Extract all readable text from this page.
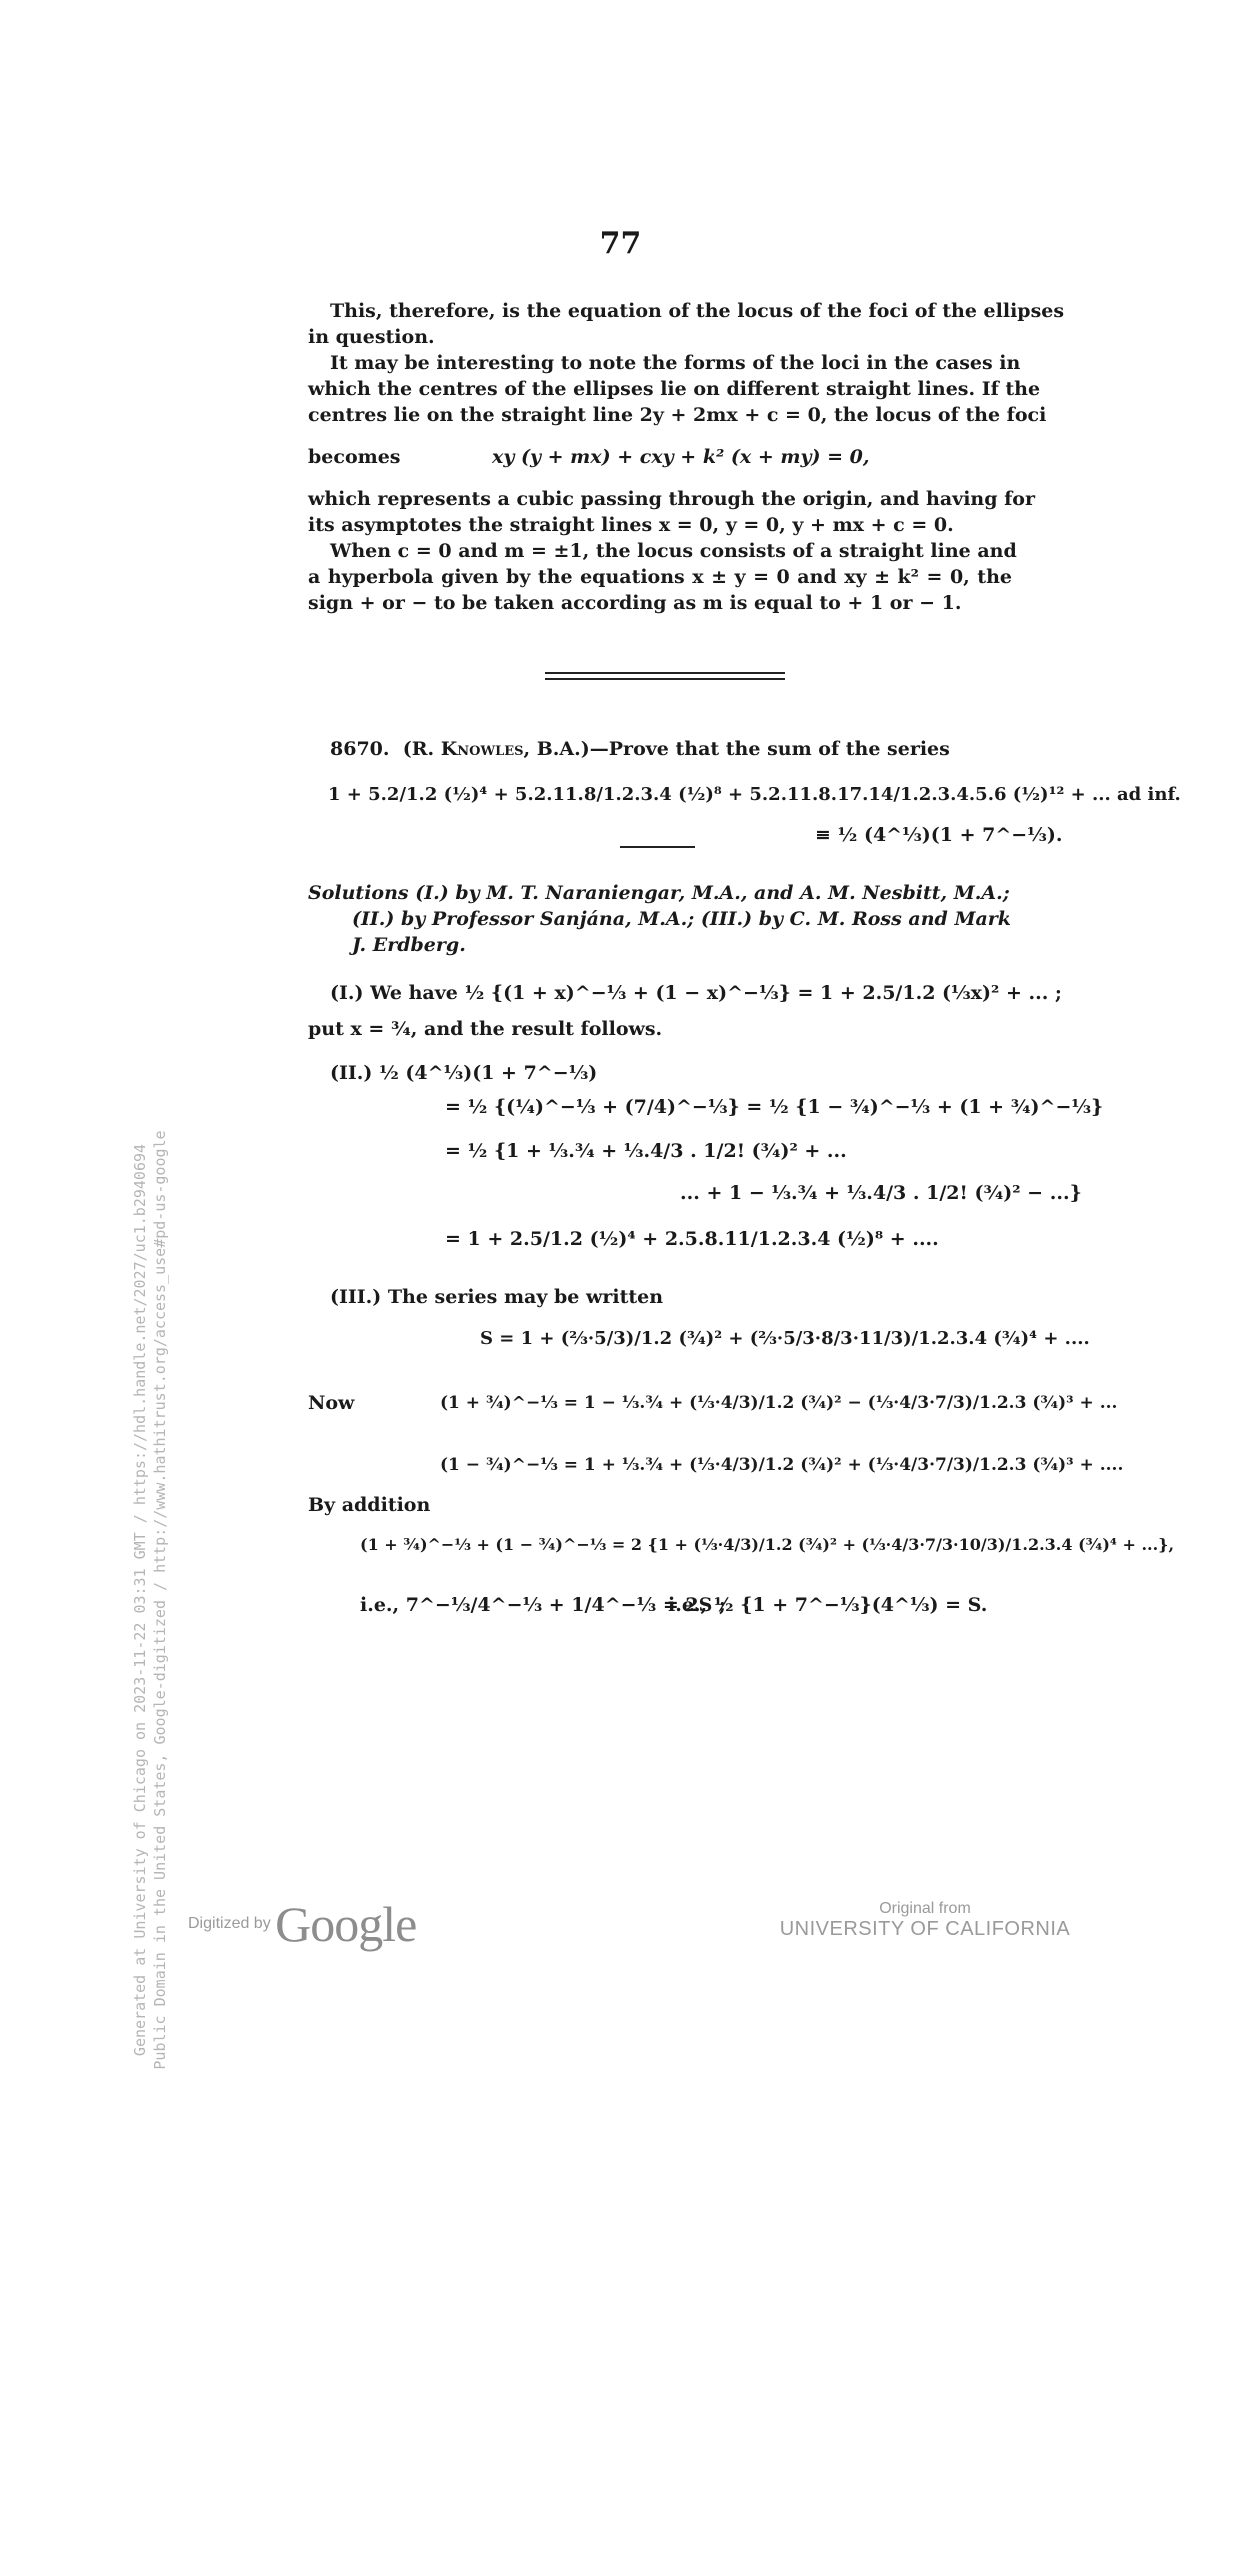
77
This, therefore, is the equation of the locus of the foci of the ellipses
in question.
It may be interesting to note the forms of the loci in the cases in
which the centres of the ellipses lie on different straight lines. If the
centres lie on the straight line 2y + 2mx + c = 0, the locus of the foci
becomes	xy (y + mx) + cxy + k² (x + my) = 0,
which represents a cubic passing through the origin, and having for
its asymptotes the straight lines x = 0, y = 0, y + mx + c = 0.
When c = 0 and m = ±1, the locus consists of a straight line and
a hyperbola given by the equations x ± y = 0 and xy ± k² = 0, the
sign + or − to be taken according as m is equal to + 1 or − 1.
8670. (R. Knowles, B.A.)—Prove that the sum of the series
1 + 5.2/1.2 (½)⁴ + 5.2.11.8/1.2.3.4 (½)⁸ + 5.2.11.8.17.14/1.2.3.4.5.6 (½)¹² + ... ad inf.
≡ ½ (4^⅓)(1 + 7^−⅓).
Solutions (I.) by M. T. Naraniengar, M.A., and A. M. Nesbitt, M.A.;
(II.) by Professor Sanjána, M.A.; (III.) by C. M. Ross and Mark
J. Erdberg.
(I.) We have ½ {(1 + x)^−⅓ + (1 − x)^−⅓} = 1 + 2.5/1.2 (⅓x)² + ... ;
put x = ¾, and the result follows.
(II.) ½ (4^⅓)(1 + 7^−⅓)
= ½ {(¼)^−⅓ + (7/4)^−⅓} = ½ {1 − ¾)^−⅓ + (1 + ¾)^−⅓}
= ½ {1 + ⅓.¾ + ⅓.4/3 . 1/2! (¾)² + ...
... + 1 − ⅓.¾ + ⅓.4/3 . 1/2! (¾)² − ...}
= 1 + 2.5/1.2 (½)⁴ + 2.5.8.11/1.2.3.4 (½)⁸ + ....
(III.) The series may be written
S = 1 + (⅔·5/3)/1.2 (¾)² + (⅔·5/3·8/3·11/3)/1.2.3.4 (¾)⁴ + ....
Now	(1 + ¾)^−⅓ = 1 − ⅓.¾ + (⅓·4/3)/1.2 (¾)² − (⅓·4/3·7/3)/1.2.3 (¾)³ + ...
(1 − ¾)^−⅓ = 1 + ⅓.¾ + (⅓·4/3)/1.2 (¾)² + (⅓·4/3·7/3)/1.2.3 (¾)³ + ....
By addition
(1 + ¾)^−⅓ + (1 − ¾)^−⅓ = 2 {1 + (⅓·4/3)/1.2 (¾)² + (⅓·4/3·7/3·10/3)/1.2.3.4 (¾)⁴ + ...},
i.e., 7^−⅓/4^−⅓ + 1/4^−⅓ = 2S ;
i.e., ½ {1 + 7^−⅓}(4^⅓) = S.
Generated at University of Chicago on 2023-11-22 03:31 GMT / https://hdl.handle.net/2027/uc1.b2940694 Public Domain in the United States, Google-digitized / http://www.hathitrust.org/access_use#pd-us-google Digitized by Google	Original from
UNIVERSITY OF CALIFORNIA
